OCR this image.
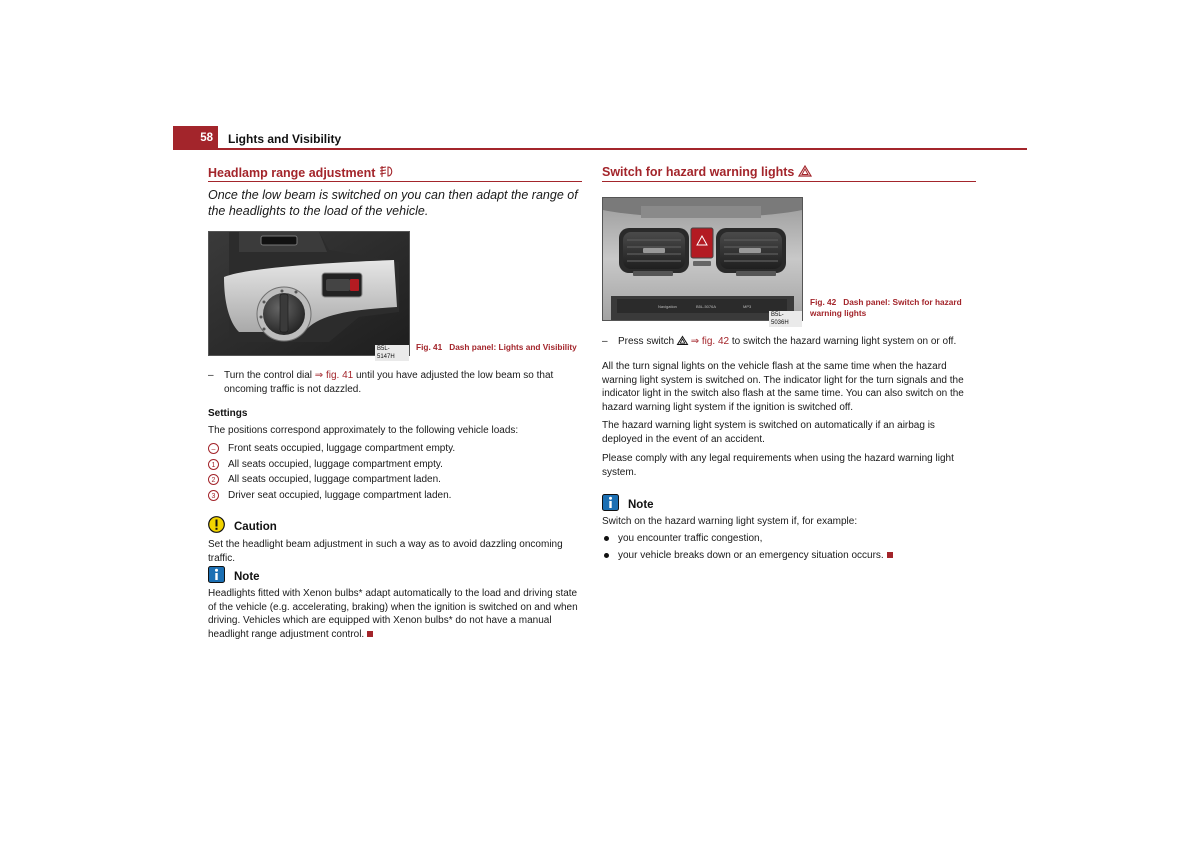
58 Lights and Visibility
Headlamp range adjustment
Once the low beam is switched on you can then adapt the range of the headlights to the load of the vehicle.
B5L-5147H
Fig. 41 Dash panel: Lights and Visibility
– Turn the control dial ⇒ fig. 41 until you have adjusted the low beam so that oncoming traffic is not dazzled.
Settings
The positions correspond approximately to the following vehicle loads:
–	Front seats occupied, luggage compartment empty.
1	All seats occupied, luggage compartment empty.
2	All seats occupied, luggage compartment laden.
3	Driver seat occupied, luggage compartment laden.
Caution
Set the headlight beam adjustment in such a way as to avoid dazzling oncoming traffic.
Note
Headlights fitted with Xenon bulbs* adapt automatically to the load and driving state of the vehicle (e.g. accelerating, braking) when the ignition is switched on and when driving. Vehicles which are equipped with Xenon bulbs* do not have a manual headlight range adjustment control.
Switch for hazard warning lights
Navigation	B5L-5076A	MP3
B5L-5036H
Fig. 42 Dash panel: Switch for hazard warning lights
– Press switch  ⇒ fig. 42 to switch the hazard warning light system on or off.
All the turn signal lights on the vehicle flash at the same time when the hazard warning light system is switched on. The indicator light for the turn signals and the indicator light in the switch also flash at the same time. You can also switch on the hazard warning light system if the ignition is switched off.
The hazard warning light system is switched on automatically if an airbag is deployed in the event of an accident.
Please comply with any legal requirements when using the hazard warning light system.
Note
Switch on the hazard warning light system if, for example:
you encounter traffic congestion,
your vehicle breaks down or an emergency situation occurs.
